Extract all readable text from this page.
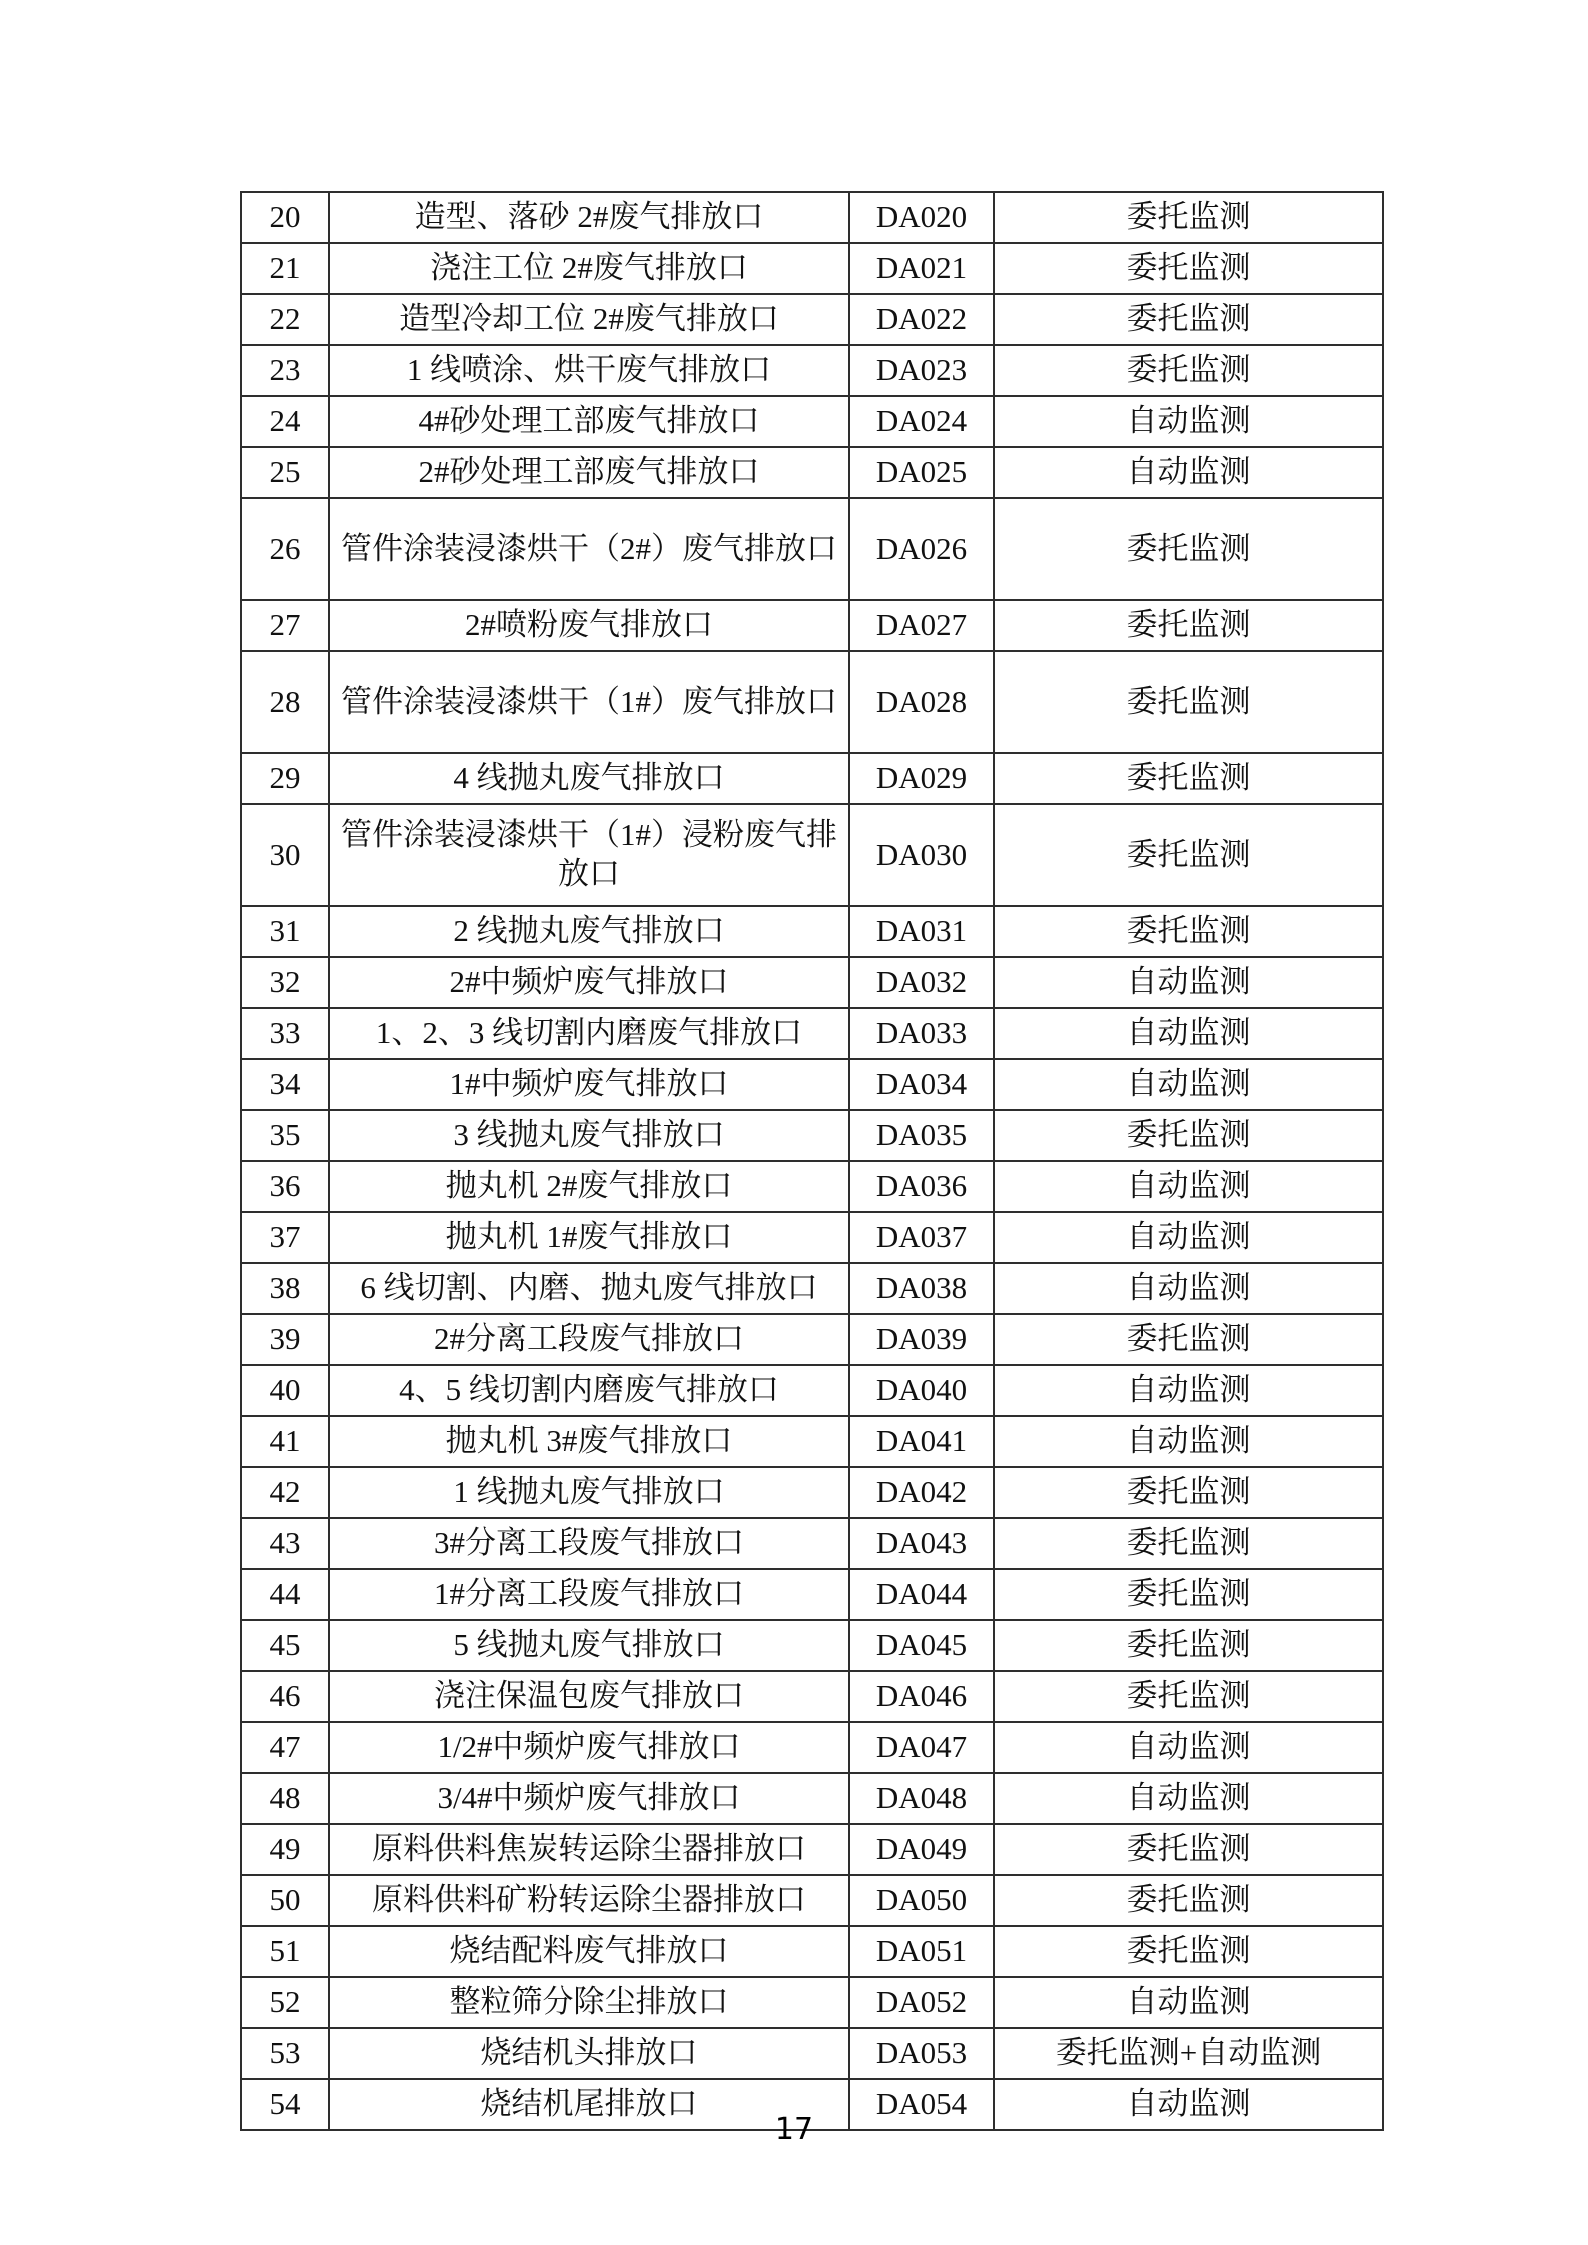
20	造型、落砂 2#废气排放口	DA020	委托监测
21	浇注工位 2#废气排放口	DA021	委托监测
22	造型冷却工位 2#废气排放口	DA022	委托监测
23	1 线喷涂、烘干废气排放口	DA023	委托监测
24	4#砂处理工部废气排放口	DA024	自动监测
25	2#砂处理工部废气排放口	DA025	自动监测
26	管件涂装浸漆烘干（2#）废气排放口	DA026	委托监测
27	2#喷粉废气排放口	DA027	委托监测
28	管件涂装浸漆烘干（1#）废气排放口	DA028	委托监测
29	4 线抛丸废气排放口	DA029	委托监测
30	管件涂装浸漆烘干（1#）浸粉废气排放口	DA030	委托监测
31	2 线抛丸废气排放口	DA031	委托监测
32	2#中频炉废气排放口	DA032	自动监测
33	1、2、3 线切割内磨废气排放口	DA033	自动监测
34	1#中频炉废气排放口	DA034	自动监测
35	3 线抛丸废气排放口	DA035	委托监测
36	抛丸机 2#废气排放口	DA036	自动监测
37	抛丸机 1#废气排放口	DA037	自动监测
38	6 线切割、内磨、抛丸废气排放口	DA038	自动监测
39	2#分离工段废气排放口	DA039	委托监测
40	4、5 线切割内磨废气排放口	DA040	自动监测
41	抛丸机 3#废气排放口	DA041	自动监测
42	1 线抛丸废气排放口	DA042	委托监测
43	3#分离工段废气排放口	DA043	委托监测
44	1#分离工段废气排放口	DA044	委托监测
45	5 线抛丸废气排放口	DA045	委托监测
46	浇注保温包废气排放口	DA046	委托监测
47	1/2#中频炉废气排放口	DA047	自动监测
48	3/4#中频炉废气排放口	DA048	自动监测
49	原料供料焦炭转运除尘器排放口	DA049	委托监测
50	原料供料矿粉转运除尘器排放口	DA050	委托监测
51	烧结配料废气排放口	DA051	委托监测
52	整粒筛分除尘排放口	DA052	自动监测
53	烧结机头排放口	DA053	委托监测+自动监测
54	烧结机尾排放口	DA054	自动监测
17
